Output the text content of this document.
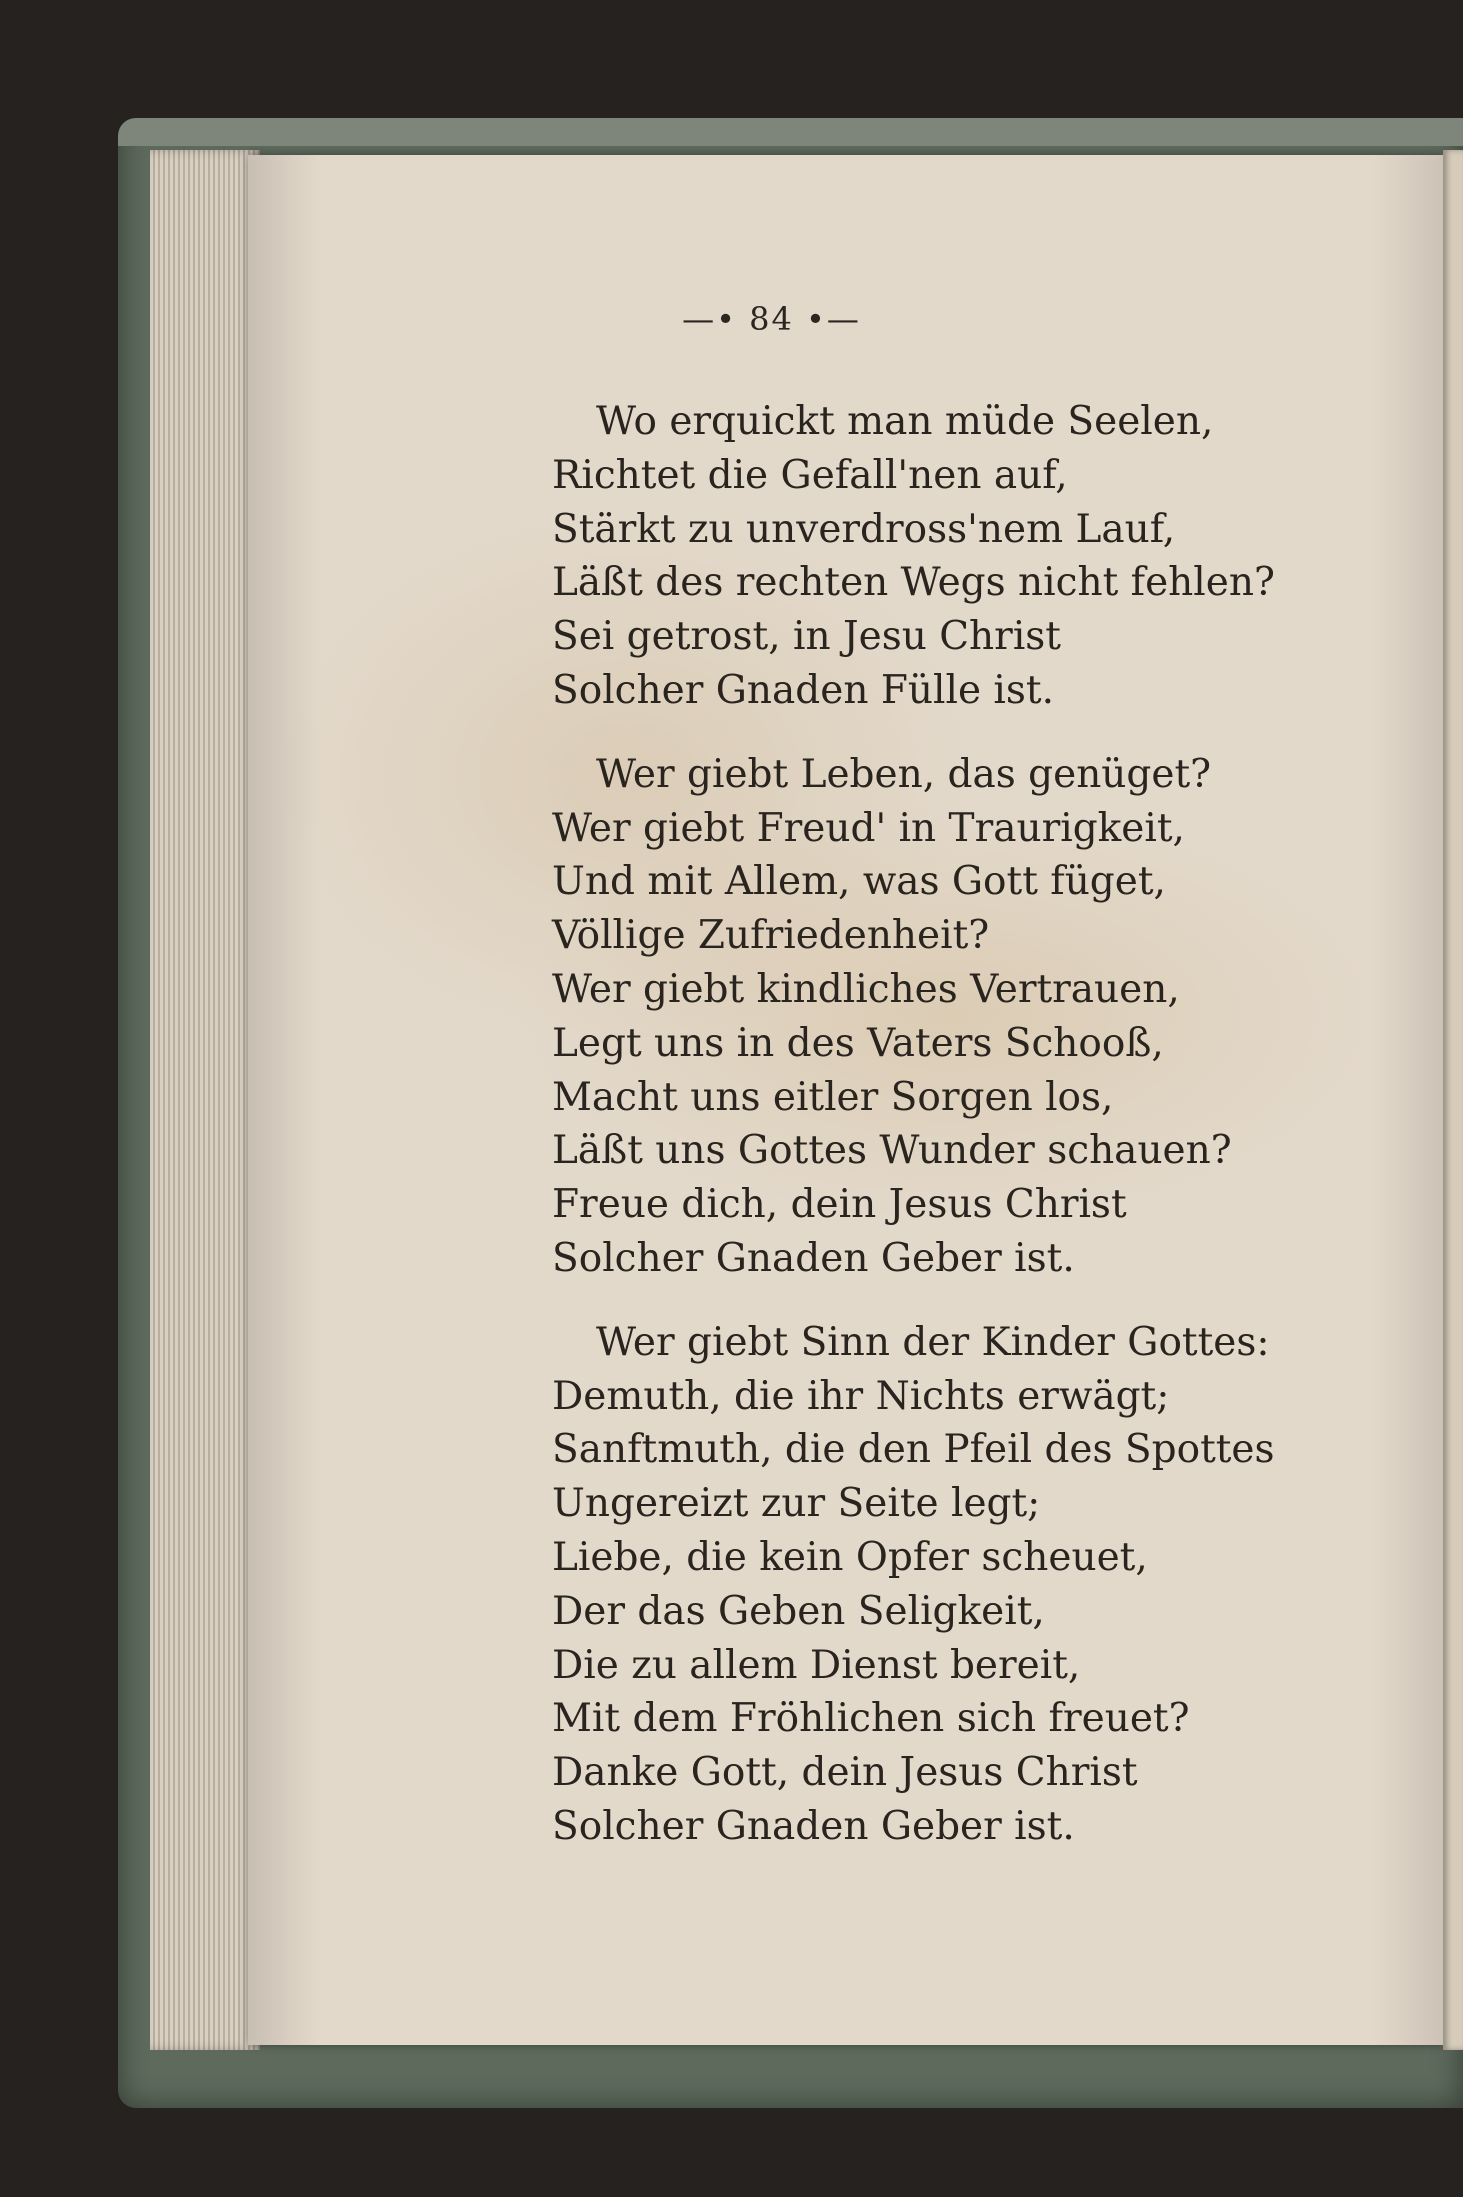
—• 84 •—
Wo erquickt man müde Seelen,
Richtet die Gefall'nen auf,
Stärkt zu unverdross'nem Lauf,
Läßt des rechten Wegs nicht fehlen?
Sei getrost, in Jesu Christ
Solcher Gnaden Fülle ist.
Wer giebt Leben, das genüget?
Wer giebt Freud' in Traurigkeit,
Und mit Allem, was Gott füget,
Völlige Zufriedenheit?
Wer giebt kindliches Vertrauen,
Legt uns in des Vaters Schooß,
Macht uns eitler Sorgen los,
Läßt uns Gottes Wunder schauen?
Freue dich, dein Jesus Christ
Solcher Gnaden Geber ist.
Wer giebt Sinn der Kinder Gottes:
Demuth, die ihr Nichts erwägt;
Sanftmuth, die den Pfeil des Spottes
Ungereizt zur Seite legt;
Liebe, die kein Opfer scheuet,
Der das Geben Seligkeit,
Die zu allem Dienst bereit,
Mit dem Fröhlichen sich freuet?
Danke Gott, dein Jesus Christ
Solcher Gnaden Geber ist.
